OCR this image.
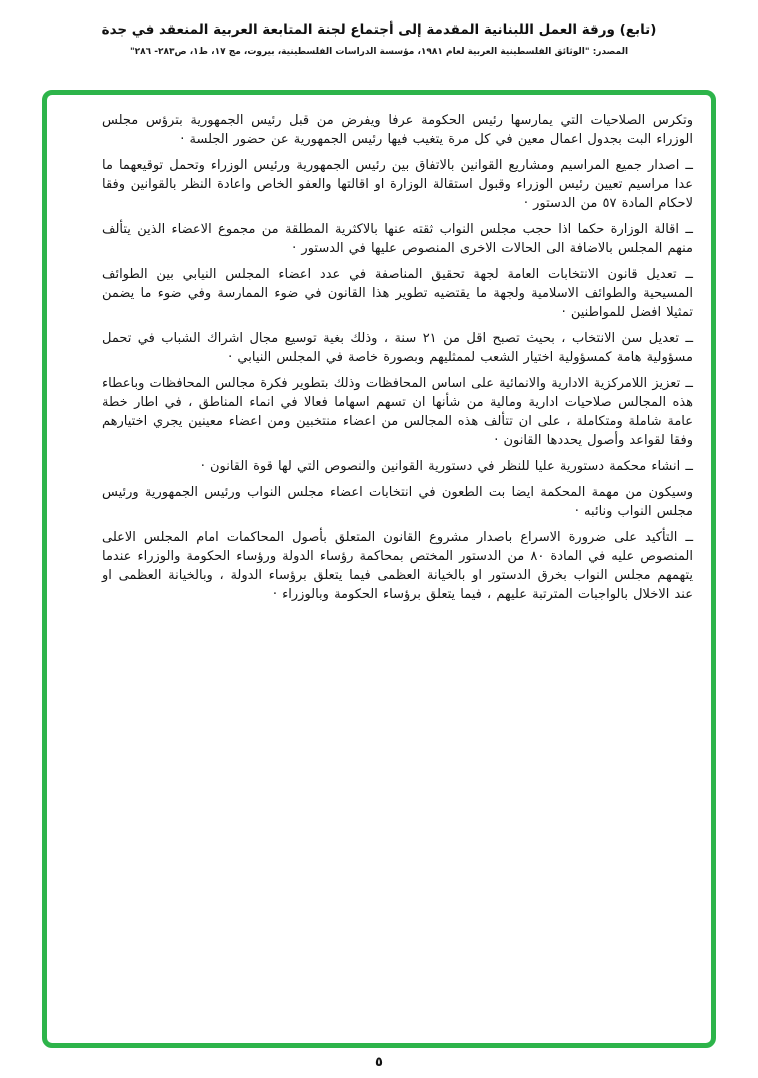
(تابع) ورقة العمل اللبنانية المقدمة إلى أجتماع لجنة المتابعة العربية المنعقد في جدة
المصدر: "الوثائق الفلسطينية العربية لعام ١٩٨١، مؤسسة الدراسات الفلسطينية، بيروت، مج ١٧، ط١، ص٢٨٣- ٢٨٦"

وتكرس الصلاحيات التي يمارسها رئيس الحكومة عرفا ويفرض من قبل رئيس الجمهورية بترؤس مجلس الوزراء البت بجدول اعمال معين في كل مرة يتغيب فيها رئيس الجمهورية عن حضور الجلسة ·

ــ اصدار جميع المراسيم ومشاريع القوانين بالاتفاق بين رئيس الجمهورية ورئيس الوزراء وتحمل توقيعهما ما عدا مراسيم تعيين رئيس الوزراء وقبول استقالة الوزارة او اقالتها والعفو الخاص واعادة النظر بالقوانين وفقا لاحكام المادة ٥٧ من الدستور ·

ــ اقالة الوزارة حكما اذا حجب مجلس النواب ثقته عنها بالاكثرية المطلقة من مجموع الاعضاء الذين يتألف منهم المجلس بالاضافة الى الحالات الاخرى المنصوص عليها في الدستور ·

ــ تعديل قانون الانتخابات العامة لجهة تحقيق المناصفة في عدد اعضاء المجلس النيابي بين الطوائف المسيحية والطوائف الاسلامية ولجهة ما يقتضيه تطوير هذا القانون في ضوء الممارسة وفي ضوء ما يضمن تمثيلا افضل للمواطنين ·

ــ تعديل سن الانتخاب ، بحيث تصبح اقل من ٢١ سنة ، وذلك بغية توسيع مجال اشراك الشباب في تحمل مسؤولية هامة كمسؤولية اختيار الشعب لممثليهم وبصورة خاصة في المجلس النيابي ·

ــ تعزيز اللامركزية الادارية والانمائية على اساس المحافظات وذلك بتطوير فكرة مجالس المحافظات وباعطاء هذه المجالس صلاحيات ادارية ومالية من شأنها ان تسهم اسهاما فعالا في انماء المناطق ، في اطار خطة عامة شاملة ومتكاملة ، على ان تتألف هذه المجالس من اعضاء منتخبين ومن اعضاء معينين يجري اختيارهم وفقا لقواعد وأصول يحددها القانون ·

ــ انشاء محكمة دستورية عليا للنظر في دستورية القوانين والنصوص التي لها قوة القانون ·

وسيكون من مهمة المحكمة ايضا بت الطعون في انتخابات اعضاء مجلس النواب ورئيس الجمهورية ورئيس مجلس النواب ونائبه ·

ــ التأكيد على ضرورة الاسراع باصدار مشروع القانون المتعلق بأصول المحاكمات امام المجلس الاعلى المنصوص عليه في المادة ٨٠ من الدستور المختص بمحاكمة رؤساء الدولة ورؤساء الحكومة والوزراء عندما يتهمهم مجلس النواب بخرق الدستور او بالخيانة العظمى فيما يتعلق برؤساء الدولة ، وبالخيانة العظمى او عند الاخلال بالواجبات المترتبة عليهم ، فيما يتعلق برؤساء الحكومة وبالوزراء ·

٥
